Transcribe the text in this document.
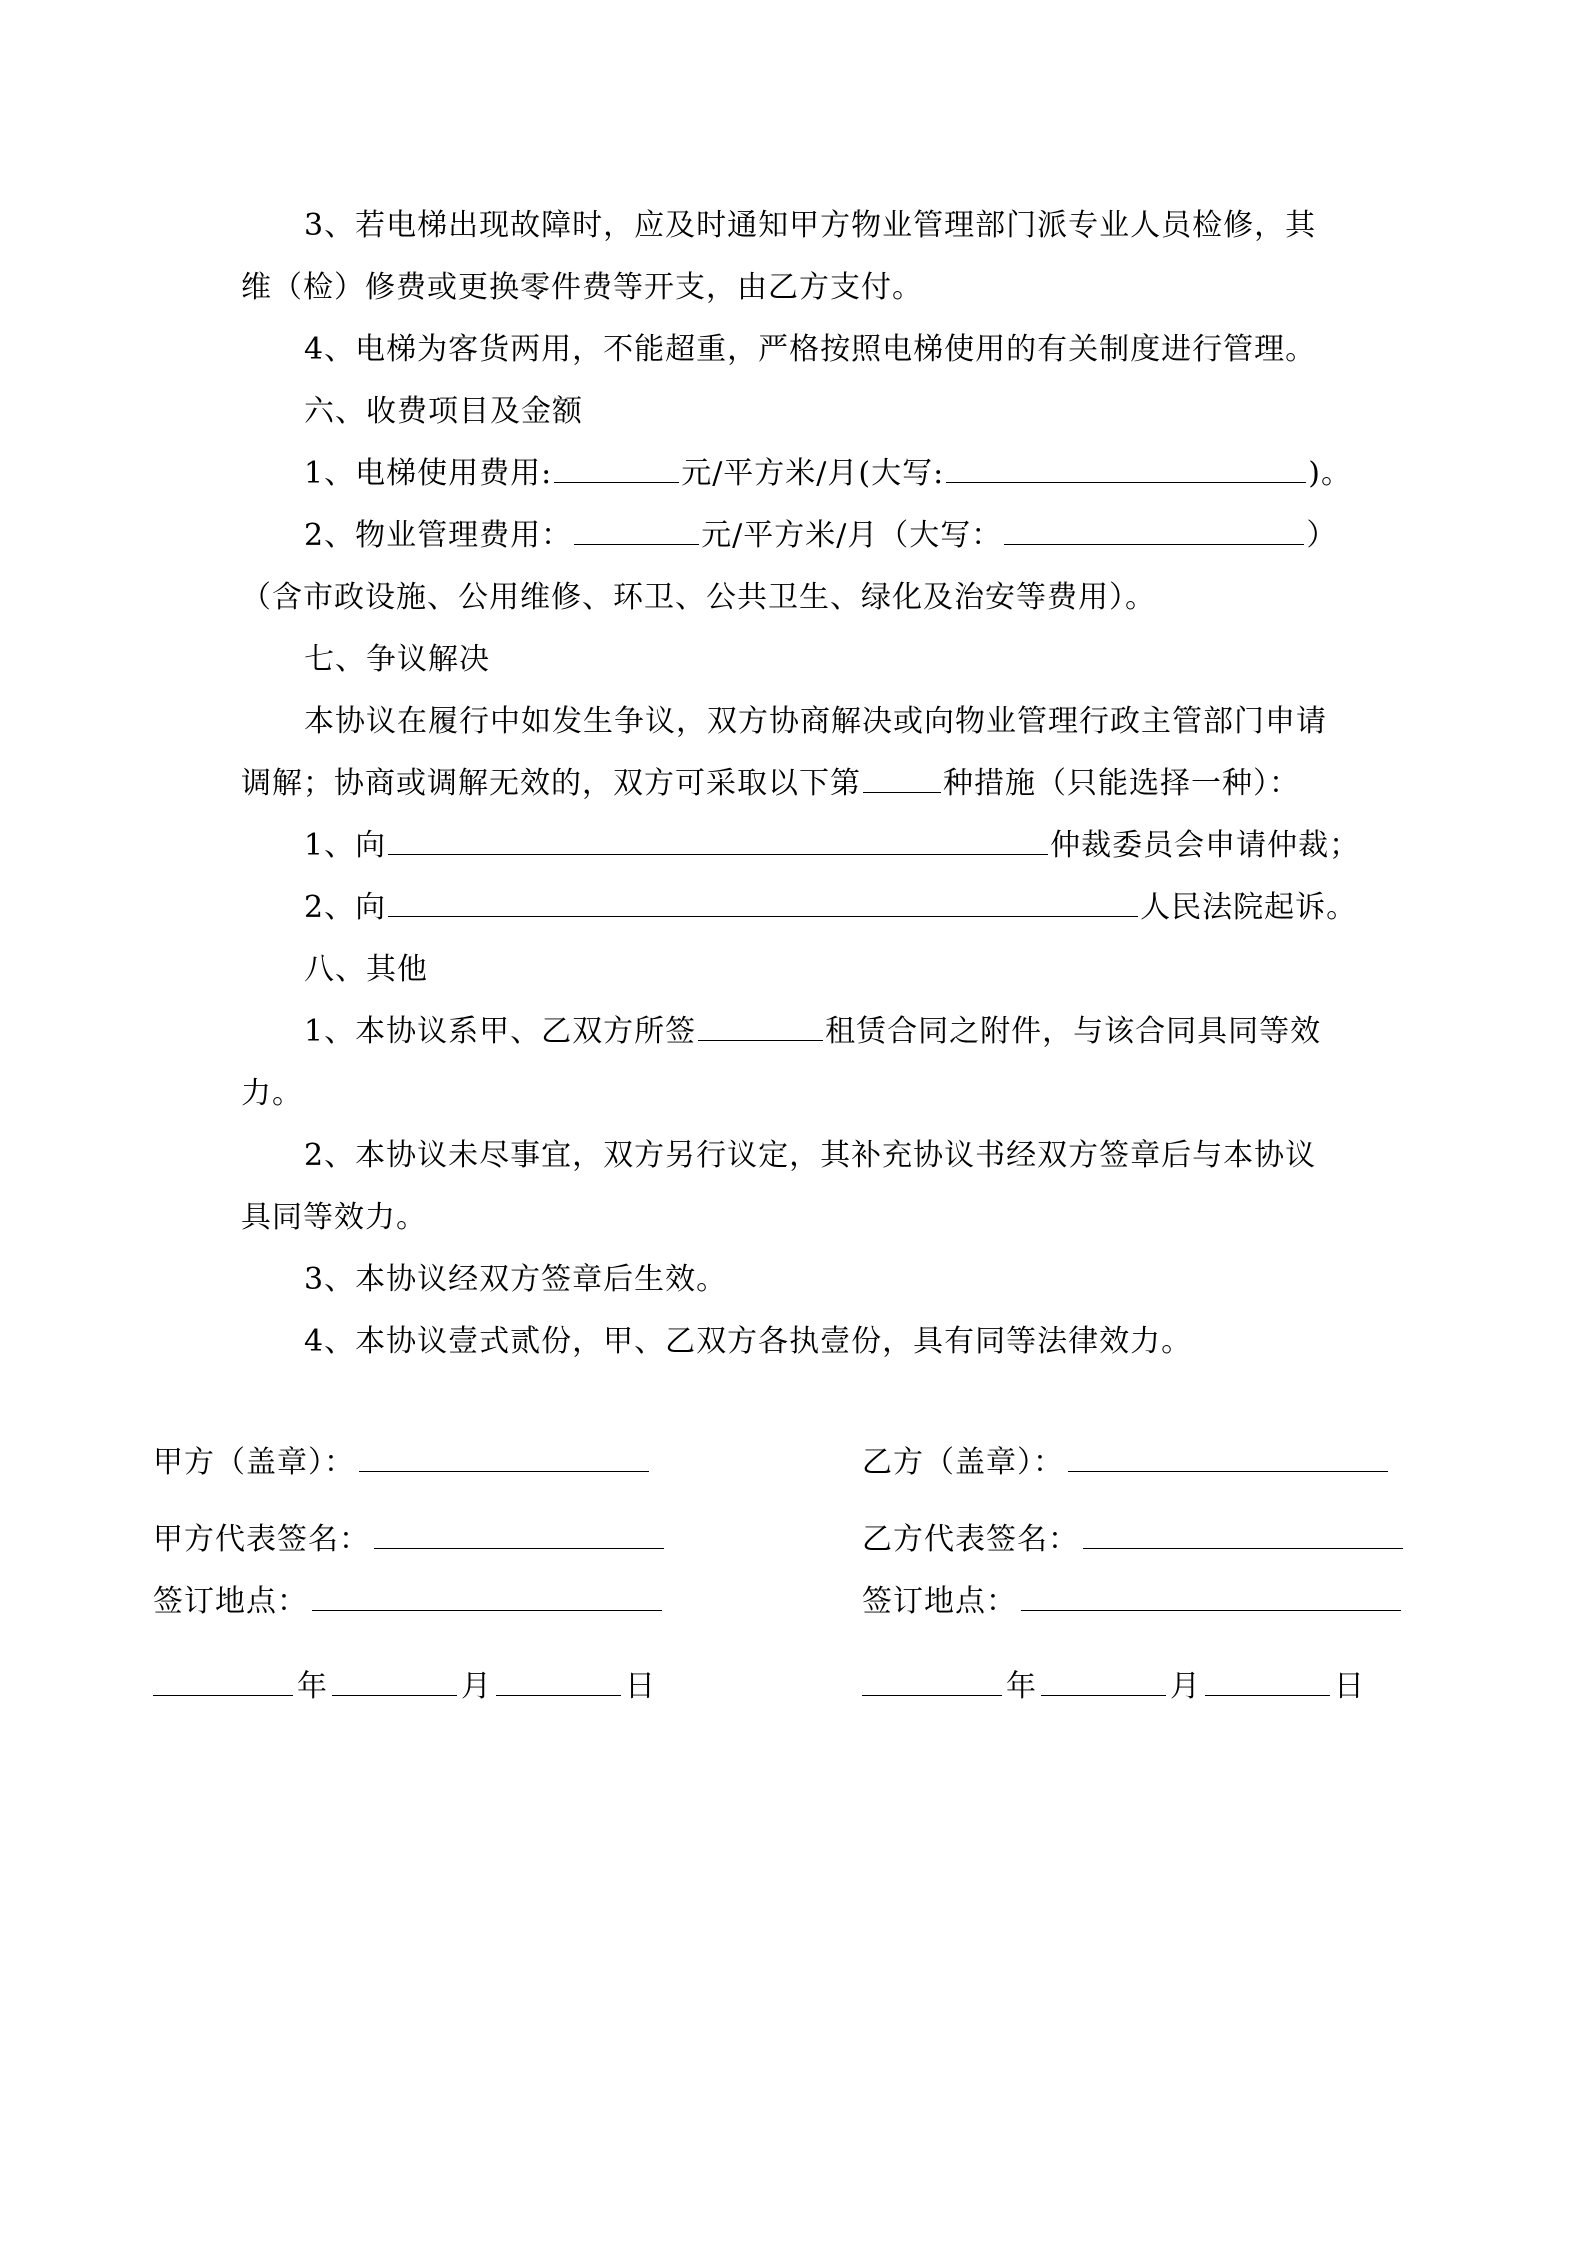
3、若电梯出现故障时，应及时通知甲方物业管理部门派专业人员检修，其
维（检）修费或更换零件费等开支，由乙方支付。
4、电梯为客货两用，不能超重，严格按照电梯使用的有关制度进行管理。
六、收费项目及金额
1、电梯使用费用:	元/平方米/月(大写:	)。
2、物业管理费用：	元/平方米/月（大写：	）
（含市政设施、公用维修、环卫、公共卫生、绿化及治安等费用）。
七、争议解决
本协议在履行中如发生争议，双方协商解决或向物业管理行政主管部门申请
调解；协商或调解无效的，双方可采取以下第	种措施（只能选择一种）：
1、向	仲裁委员会申请仲裁；
2、向	人民法院起诉。
八、其他
1、本协议系甲、乙双方所签	租赁合同之附件，与该合同具同等效
力。
2、本协议未尽事宜，双方另行议定，其补充协议书经双方签章后与本协议
具同等效力。
3、本协议经双方签章后生效。
4、本协议壹式贰份，甲、乙双方各执壹份，具有同等法律效力。
甲方（盖章）：
甲方代表签名：
签订地点：
年	月	日
乙方（盖章）：
乙方代表签名：
签订地点：
年	月	日
